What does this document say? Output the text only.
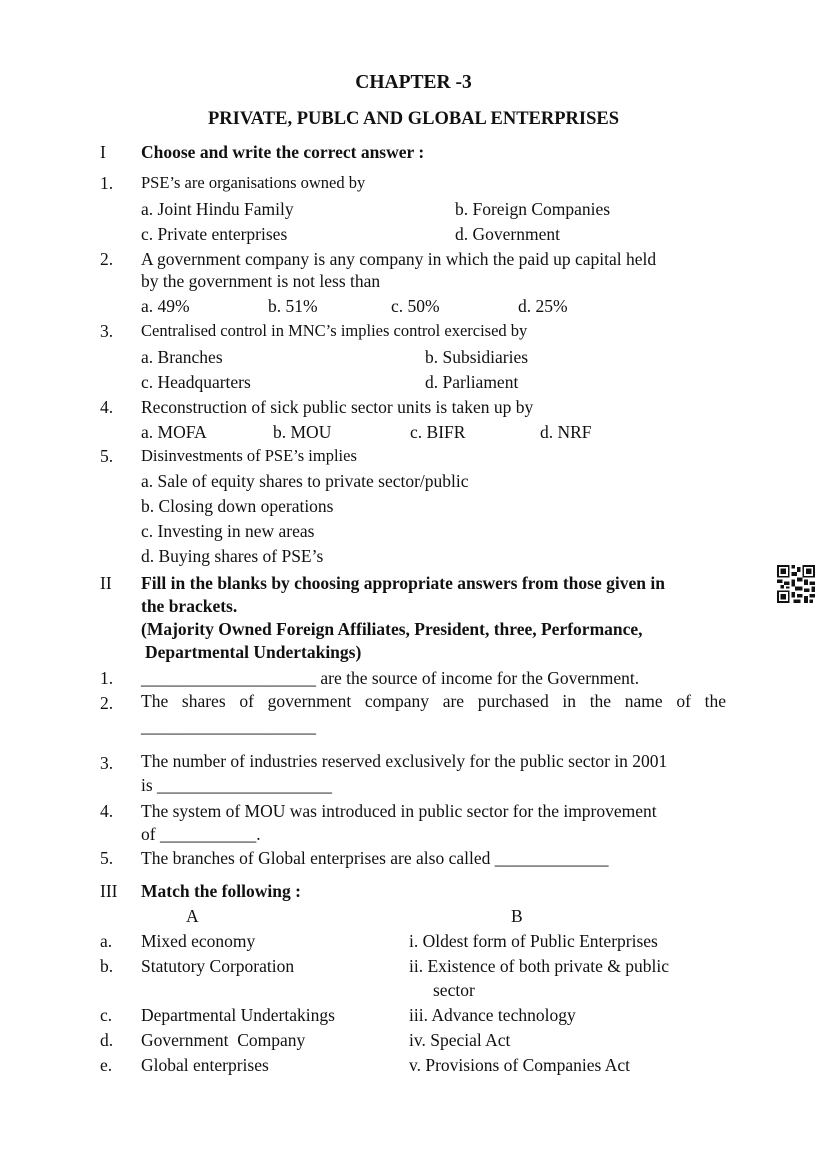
CHAPTER -3
PRIVATE, PUBLC AND GLOBAL ENTERPRISES
I Choose and write the correct answer :
1. PSE’s are organisations owned by
a. Joint Hindu Family	b. Foreign Companies
c. Private enterprises	d. Government
2. A government company is any company in which the paid up capital held
by the government is not less than
a. 49%	b. 51%	c. 50%	d. 25%
3. Centralised control in MNC’s implies control exercised by
a. Branches	b. Subsidiaries
c. Headquarters	d. Parliament
4. Reconstruction of sick public sector units is taken up by
a. MOFA	b. MOU	c. BIFR	d. NRF
5. Disinvestments of PSE’s implies
a. Sale of equity shares to private sector/public
b. Closing down operations
c. Investing in new areas
d. Buying shares of PSE’s
II Fill in the blanks by choosing appropriate answers from those given in
the brackets.
(Majority Owned Foreign Affiliates, President, three, Performance,
Departmental Undertakings)
1. ____________________ are the source of income for the Government.
2. The shares of government company are purchased in the name of the
____________________
3. The number of industries reserved exclusively for the public sector in 2001
is ____________________
4. The system of MOU was introduced in public sector for the improvement
of ___________.
5. The branches of Global enterprises are also called _____________
III Match the following :
A	B
a. Mixed economy	i. Oldest form of Public Enterprises
b. Statutory Corporation	ii. Existence of both private & public
sector
c. Departmental Undertakings	iii. Advance technology
d. Government  Company	iv. Special Act
e. Global enterprises	v. Provisions of Companies Act
